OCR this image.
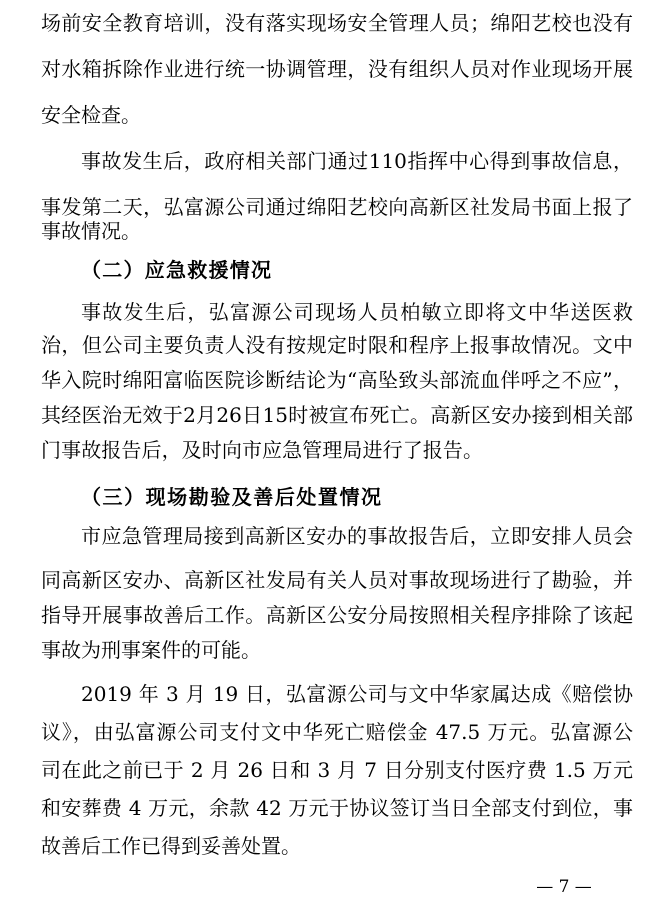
场前安全教育培训，没有落实现场安全管理人员；绵阳艺校也没有
对水箱拆除作业进行统一协调管理，没有组织人员对作业现场开展
安全检查。
事故发生后，政府相关部门通过110指挥中心得到事故信息，
事发第二天，弘富源公司通过绵阳艺校向高新区社发局书面上报了
事故情况。
（二）应急救援情况
事故发生后，弘富源公司现场人员柏敏立即将文中华送医救
治，但公司主要负责人没有按规定时限和程序上报事故情况。文中
华入院时绵阳富临医院诊断结论为“高坠致头部流血伴呼之不应”，
其经医治无效于2月26日15时被宣布死亡。高新区安办接到相关部
门事故报告后，及时向市应急管理局进行了报告。
（三）现场勘验及善后处置情况
市应急管理局接到高新区安办的事故报告后，立即安排人员会
同高新区安办、高新区社发局有关人员对事故现场进行了勘验，并
指导开展事故善后工作。高新区公安分局按照相关程序排除了该起
事故为刑事案件的可能。
2019 年 3 月 19 日，弘富源公司与文中华家属达成《赔偿协
议》，由弘富源公司支付文中华死亡赔偿金 47.5 万元。弘富源公
司在此之前已于 2 月 26 日和 3 月 7 日分别支付医疗费 1.5 万元
和安葬费 4 万元，余款 42 万元于协议签订当日全部支付到位，事
故善后工作已得到妥善处置。
— 7 —
